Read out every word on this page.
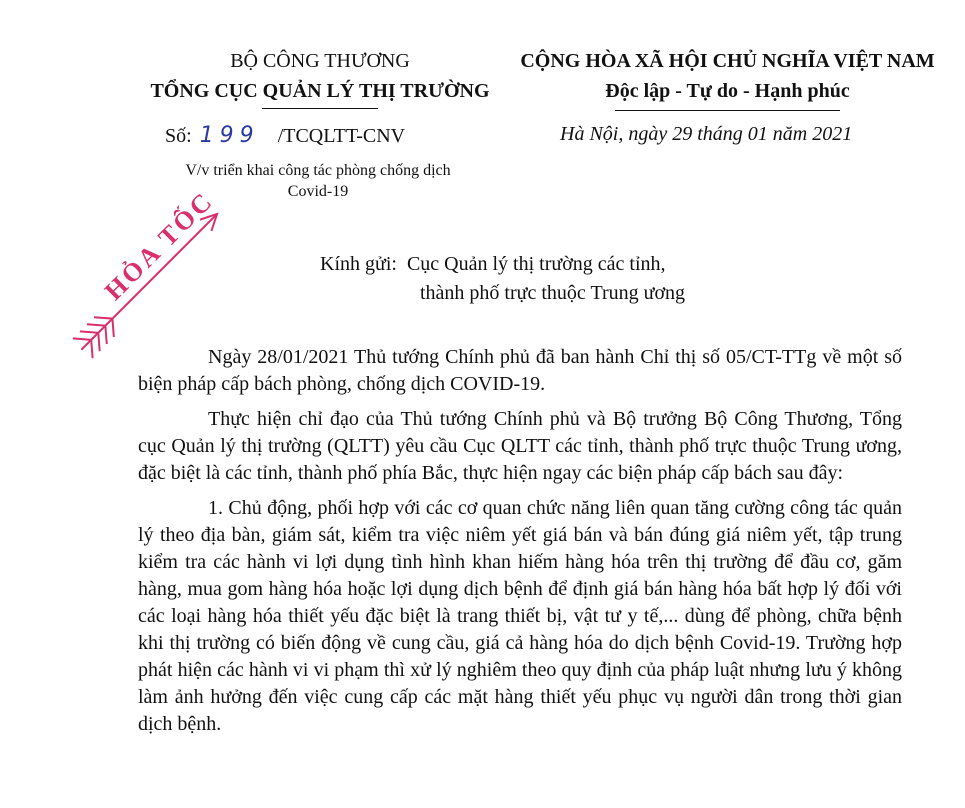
BỘ CÔNG THƯƠNG
TỔNG CỤC QUẢN LÝ THỊ TRƯỜNG
CỘNG HÒA XÃ HỘI CHỦ NGHĨA VIỆT NAM
Độc lập - Tự do - Hạnh phúc
Số: 199 /TCQLTT-CNV
V/v triển khai công tác phòng chống dịch
Covid-19
Hà Nội, ngày 29 tháng 01 năm 2021
HỎA TỐC	Kính gửi: Cục Quản lý thị trường các tỉnh,
thành phố trực thuộc Trung ương

Ngày 28/01/2021 Thủ tướng Chính phủ đã ban hành Chỉ thị số 05/CT-TTg về một số biện pháp cấp bách phòng, chống dịch COVID-19.

Thực hiện chỉ đạo của Thủ tướng Chính phủ và Bộ trưởng Bộ Công Thương, Tổng cục Quản lý thị trường (QLTT) yêu cầu Cục QLTT các tỉnh, thành phố trực thuộc Trung ương, đặc biệt là các tỉnh, thành phố phía Bắc, thực hiện ngay các biện pháp cấp bách sau đây:

1. Chủ động, phối hợp với các cơ quan chức năng liên quan tăng cường công tác quản lý theo địa bàn, giám sát, kiểm tra việc niêm yết giá bán và bán đúng giá niêm yết, tập trung kiểm tra các hành vi lợi dụng tình hình khan hiếm hàng hóa trên thị trường để đầu cơ, găm hàng, mua gom hàng hóa hoặc lợi dụng dịch bệnh để định giá bán hàng hóa bất hợp lý đối với các loại hàng hóa thiết yếu đặc biệt là trang thiết bị, vật tư y tế,... dùng để phòng, chữa bệnh khi thị trường có biến động về cung cầu, giá cả hàng hóa do dịch bệnh Covid-19. Trường hợp phát hiện các hành vi vi phạm thì xử lý nghiêm theo quy định của pháp luật nhưng lưu ý không làm ảnh hưởng đến việc cung cấp các mặt hàng thiết yếu phục vụ người dân trong thời gian dịch bệnh.
